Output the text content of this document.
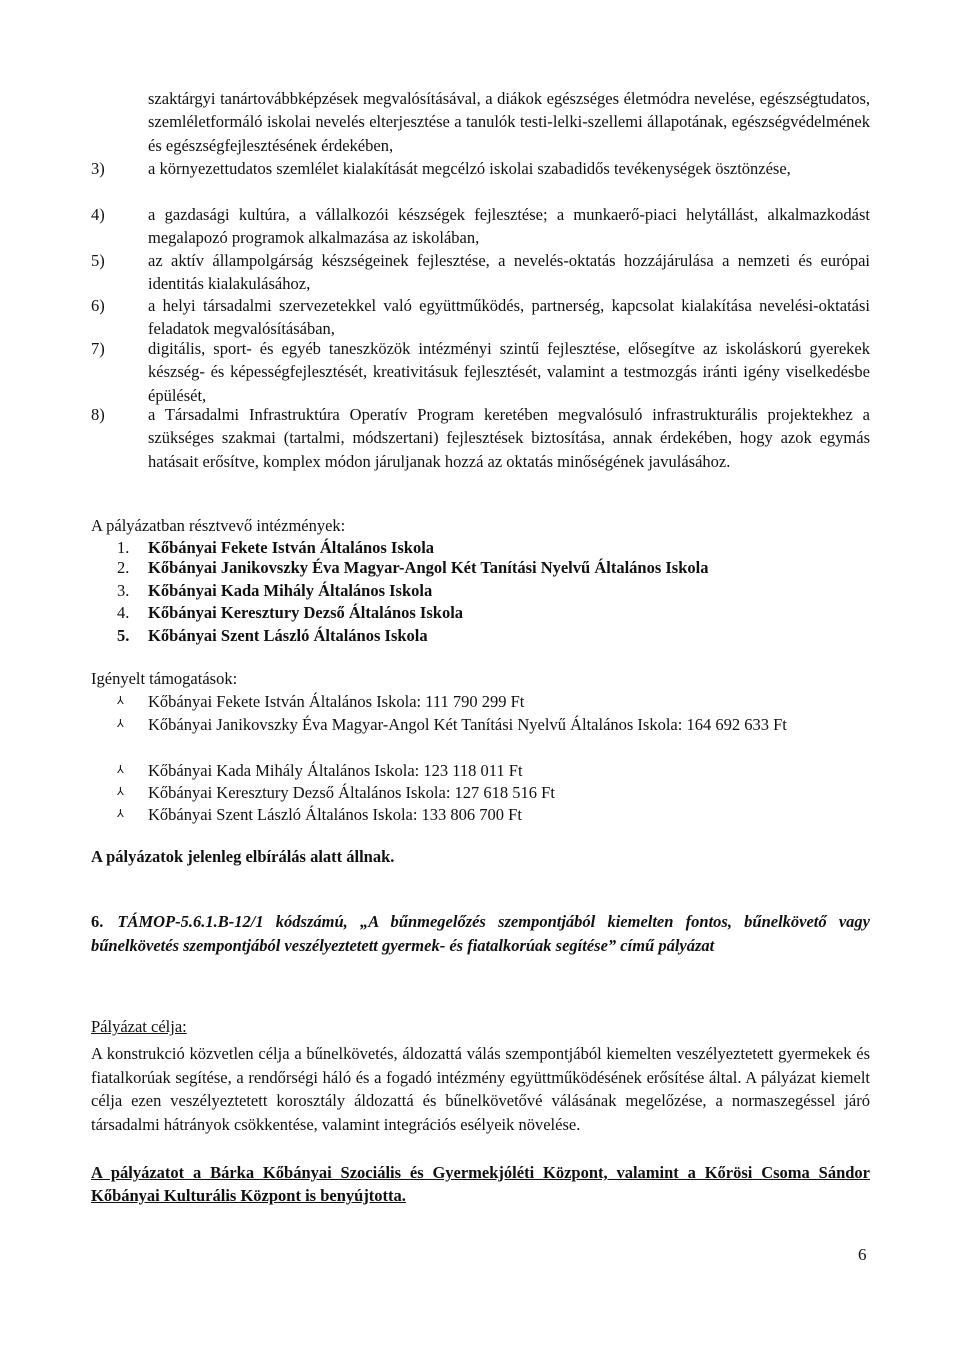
szaktárgyi tanártovábbképzések megvalósításával, a diákok egészséges életmódra nevelése, egészségtudatos, szemléletformáló iskolai nevelés elterjesztése a tanulók testi-lelki-szellemi állapotának, egészségvédelmének és egészségfejlesztésének érdekében,
3)	a környezettudatos szemlélet kialakítását megcélzó iskolai szabadidős tevékenységek ösztönzése,
4)	a gazdasági kultúra, a vállalkozói készségek fejlesztése; a munkaerő-piaci helytállást, alkalmazkodást megalapozó programok alkalmazása az iskolában,
5)	az aktív állampolgárság készségeinek fejlesztése, a nevelés-oktatás hozzájárulása a nemzeti és európai identitás kialakulásához,
6)	a helyi társadalmi szervezetekkel való együttműködés, partnerség, kapcsolat kialakítása nevelési-oktatási feladatok megvalósításában,
7)	digitális, sport- és egyéb taneszközök intézményi szintű fejlesztése, elősegítve az iskoláskorú gyerekek készség- és képességfejlesztését, kreativitásuk fejlesztését, valamint a testmozgás iránti igény viselkedésbe épülését,
8)	a Társadalmi Infrastruktúra Operatív Program keretében megvalósuló infrastrukturális projektekhez a szükséges szakmai (tartalmi, módszertani) fejlesztések biztosítása, annak érdekében, hogy azok egymás hatásait erősítve, komplex módon járuljanak hozzá az oktatás minőségének javulásához.
A pályázatban résztvevő intézmények:
1. Kőbányai Fekete István Általános Iskola
2. Kőbányai Janikovszky Éva Magyar-Angol Két Tanítási Nyelvű Általános Iskola
3. Kőbányai Kada Mihály Általános Iskola
4. Kőbányai Keresztury Dezső Általános Iskola
5. Kőbányai Szent László Általános Iskola
Igényelt támogatások:
⅄ Kőbányai Fekete István Általános Iskola: 111 790 299 Ft
⅄ Kőbányai Janikovszky Éva Magyar-Angol Két Tanítási Nyelvű Általános Iskola: 164 692 633 Ft
⅄ Kőbányai Kada Mihály Általános Iskola: 123 118 011 Ft
⅄ Kőbányai Keresztury Dezső Általános Iskola: 127 618 516 Ft
⅄ Kőbányai Szent László Általános Iskola: 133 806 700 Ft
A pályázatok jelenleg elbírálás alatt állnak.
6. TÁMOP-5.6.1.B-12/1 kódszámú, „A bűnmegelőzés szempontjából kiemelten fontos, bűnelkövető vagy bűnelkövetés szempontjából veszélyeztetett gyermek- és fiatalkorúak segítése” című pályázat
Pályázat célja:
A konstrukció közvetlen célja a bűnelkövetés, áldozattá válás szempontjából kiemelten veszélyeztetett gyermekek és fiatalkorúak segítése, a rendőrségi háló és a fogadó intézmény együttműködésének erősítése által. A pályázat kiemelt célja ezen veszélyeztetett korosztály áldozattá és bűnelkövetővé válásának megelőzése, a normaszegéssel járó társadalmi hátrányok csökkentése, valamint integrációs esélyeik növelése.
A pályázatot a Bárka Kőbányai Szociális és Gyermekjóléti Központ, valamint a Kőrösi Csoma Sándor Kőbányai Kulturális Központ is benyújtotta.
6
